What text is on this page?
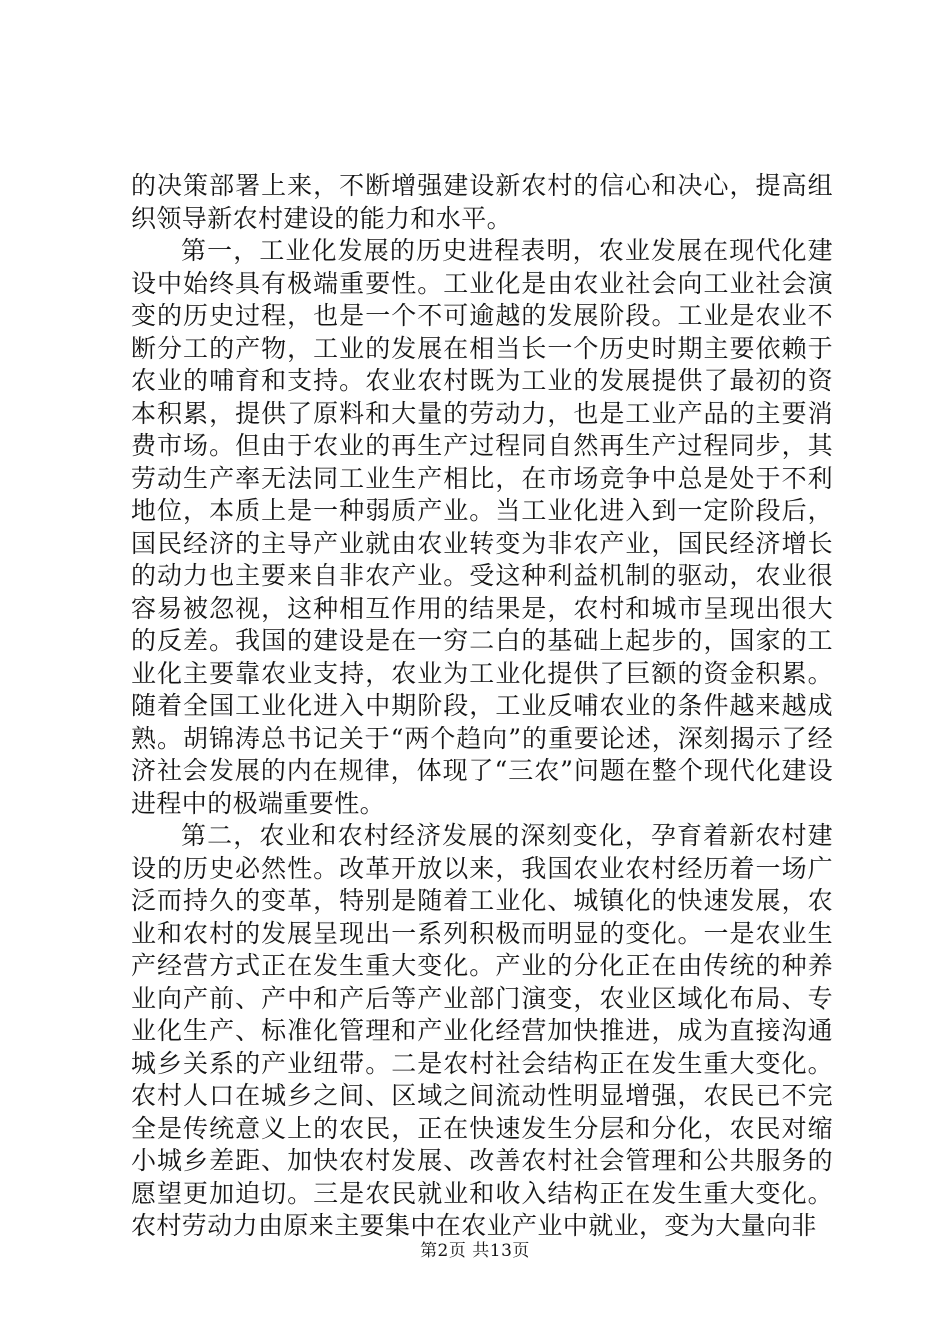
的决策部署上来，不断增强建设新农村的信心和决心，提高组织领导新农村建设的能力和水平。

第一，工业化发展的历史进程表明，农业发展在现代化建设中始终具有极端重要性。工业化是由农业社会向工业社会演变的历史过程，也是一个不可逾越的发展阶段。工业是农业不断分工的产物，工业的发展在相当长一个历史时期主要依赖于农业的哺育和支持。农业农村既为工业的发展提供了最初的资本积累，提供了原料和大量的劳动力，也是工业产品的主要消费市场。但由于农业的再生产过程同自然再生产过程同步，其劳动生产率无法同工业生产相比，在市场竞争中总是处于不利地位，本质上是一种弱质产业。当工业化进入到一定阶段后，国民经济的主导产业就由农业转变为非农产业，国民经济增长的动力也主要来自非农产业。受这种利益机制的驱动，农业很容易被忽视，这种相互作用的结果是，农村和城市呈现出很大的反差。我国的建设是在一穷二白的基础上起步的，国家的工业化主要靠农业支持，农业为工业化提供了巨额的资金积累。随着全国工业化进入中期阶段，工业反哺农业的条件越来越成熟。胡锦涛总书记关于“两个趋向”的重要论述，深刻揭示了经济社会发展的内在规律，体现了“三农”问题在整个现代化建设进程中的极端重要性。

第二，农业和农村经济发展的深刻变化，孕育着新农村建设的历史必然性。改革开放以来，我国农业农村经历着一场广泛而持久的变革，特别是随着工业化、城镇化的快速发展，农业和农村的发展呈现出一系列积极而明显的变化。一是农业生产经营方式正在发生重大变化。产业的分化正在由传统的种养业向产前、产中和产后等产业部门演变，农业区域化布局、专业化生产、标准化管理和产业化经营加快推进，成为直接沟通城乡关系的产业纽带。二是农村社会结构正在发生重大变化。农村人口在城乡之间、区域之间流动性明显增强，农民已不完全是传统意义上的农民，正在快速发生分层和分化，农民对缩小城乡差距、加快农村发展、改善农村社会管理和公共服务的愿望更加迫切。三是农民就业和收入结构正在发生重大变化。农村劳动力由原来主要集中在农业产业中就业，变为大量向非

第2页 共13页
